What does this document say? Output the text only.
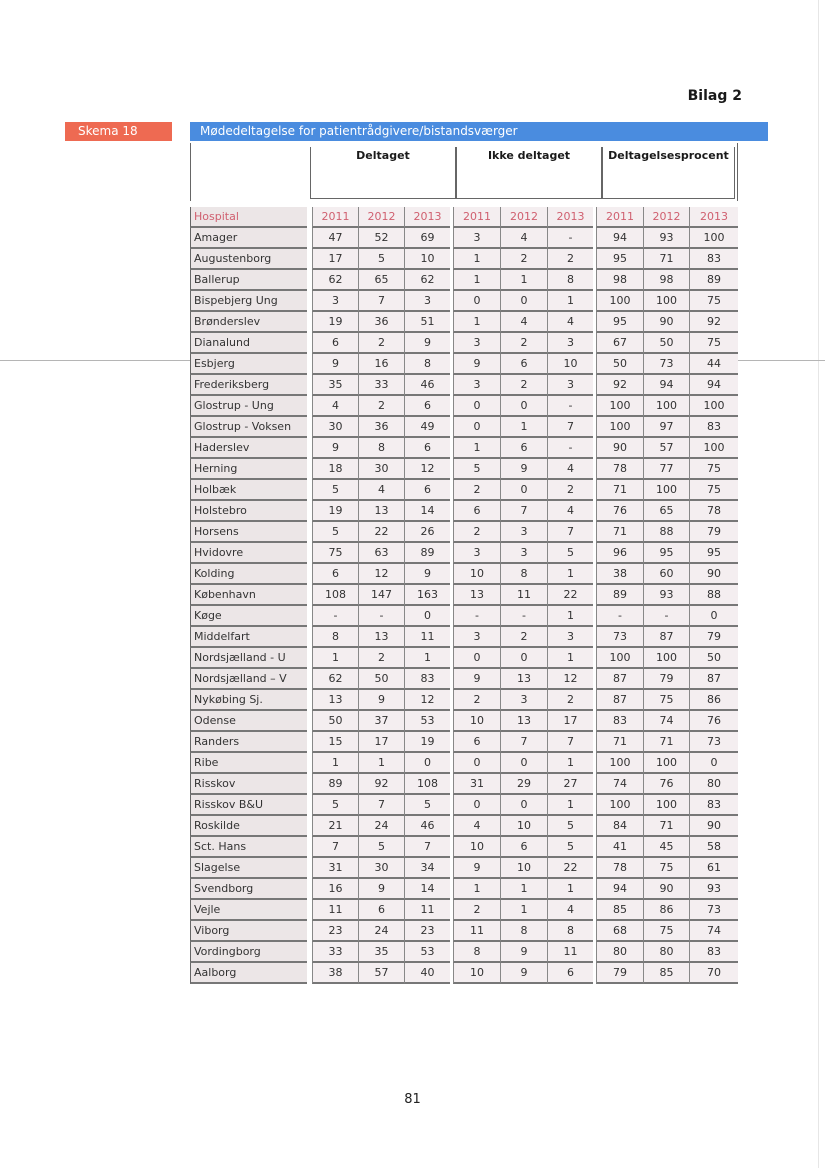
Bilag 2
Skema 18	Mødedeltagelse for patientrådgivere/bistandsværger
Deltaget	Ikke deltaget	Deltagelsesprocent
Hospital		2011	2012	2013		2011	2012	2013		2011	2012	2013
Amager		47	52	69		3	4	-		94	93	100
Augustenborg		17	5	10		1	2	2		95	71	83
Ballerup		62	65	62		1	1	8		98	98	89
Bispebjerg Ung		3	7	3		0	0	1		100	100	75
Brønderslev		19	36	51		1	4	4		95	90	92
Dianalund		6	2	9		3	2	3		67	50	75
Esbjerg		9	16	8		9	6	10		50	73	44
Frederiksberg		35	33	46		3	2	3		92	94	94
Glostrup - Ung		4	2	6		0	0	-		100	100	100
Glostrup - Voksen		30	36	49		0	1	7		100	97	83
Haderslev		9	8	6		1	6	-		90	57	100
Herning		18	30	12		5	9	4		78	77	75
Holbæk		5	4	6		2	0	2		71	100	75
Holstebro		19	13	14		6	7	4		76	65	78
Horsens		5	22	26		2	3	7		71	88	79
Hvidovre		75	63	89		3	3	5		96	95	95
Kolding		6	12	9		10	8	1		38	60	90
København		108	147	163		13	11	22		89	93	88
Køge		-	-	0		-	-	1		-	-	0
Middelfart		8	13	11		3	2	3		73	87	79
Nordsjælland - U		1	2	1		0	0	1		100	100	50
Nordsjælland – V		62	50	83		9	13	12		87	79	87
Nykøbing Sj.		13	9	12		2	3	2		87	75	86
Odense		50	37	53		10	13	17		83	74	76
Randers		15	17	19		6	7	7		71	71	73
Ribe		1	1	0		0	0	1		100	100	0
Risskov		89	92	108		31	29	27		74	76	80
Risskov B&U		5	7	5		0	0	1		100	100	83
Roskilde		21	24	46		4	10	5		84	71	90
Sct. Hans		7	5	7		10	6	5		41	45	58
Slagelse		31	30	34		9	10	22		78	75	61
Svendborg		16	9	14		1	1	1		94	90	93
Vejle		11	6	11		2	1	4		85	86	73
Viborg		23	24	23		11	8	8		68	75	74
Vordingborg		33	35	53		8	9	11		80	80	83
Aalborg		38	57	40		10	9	6		79	85	70
81
